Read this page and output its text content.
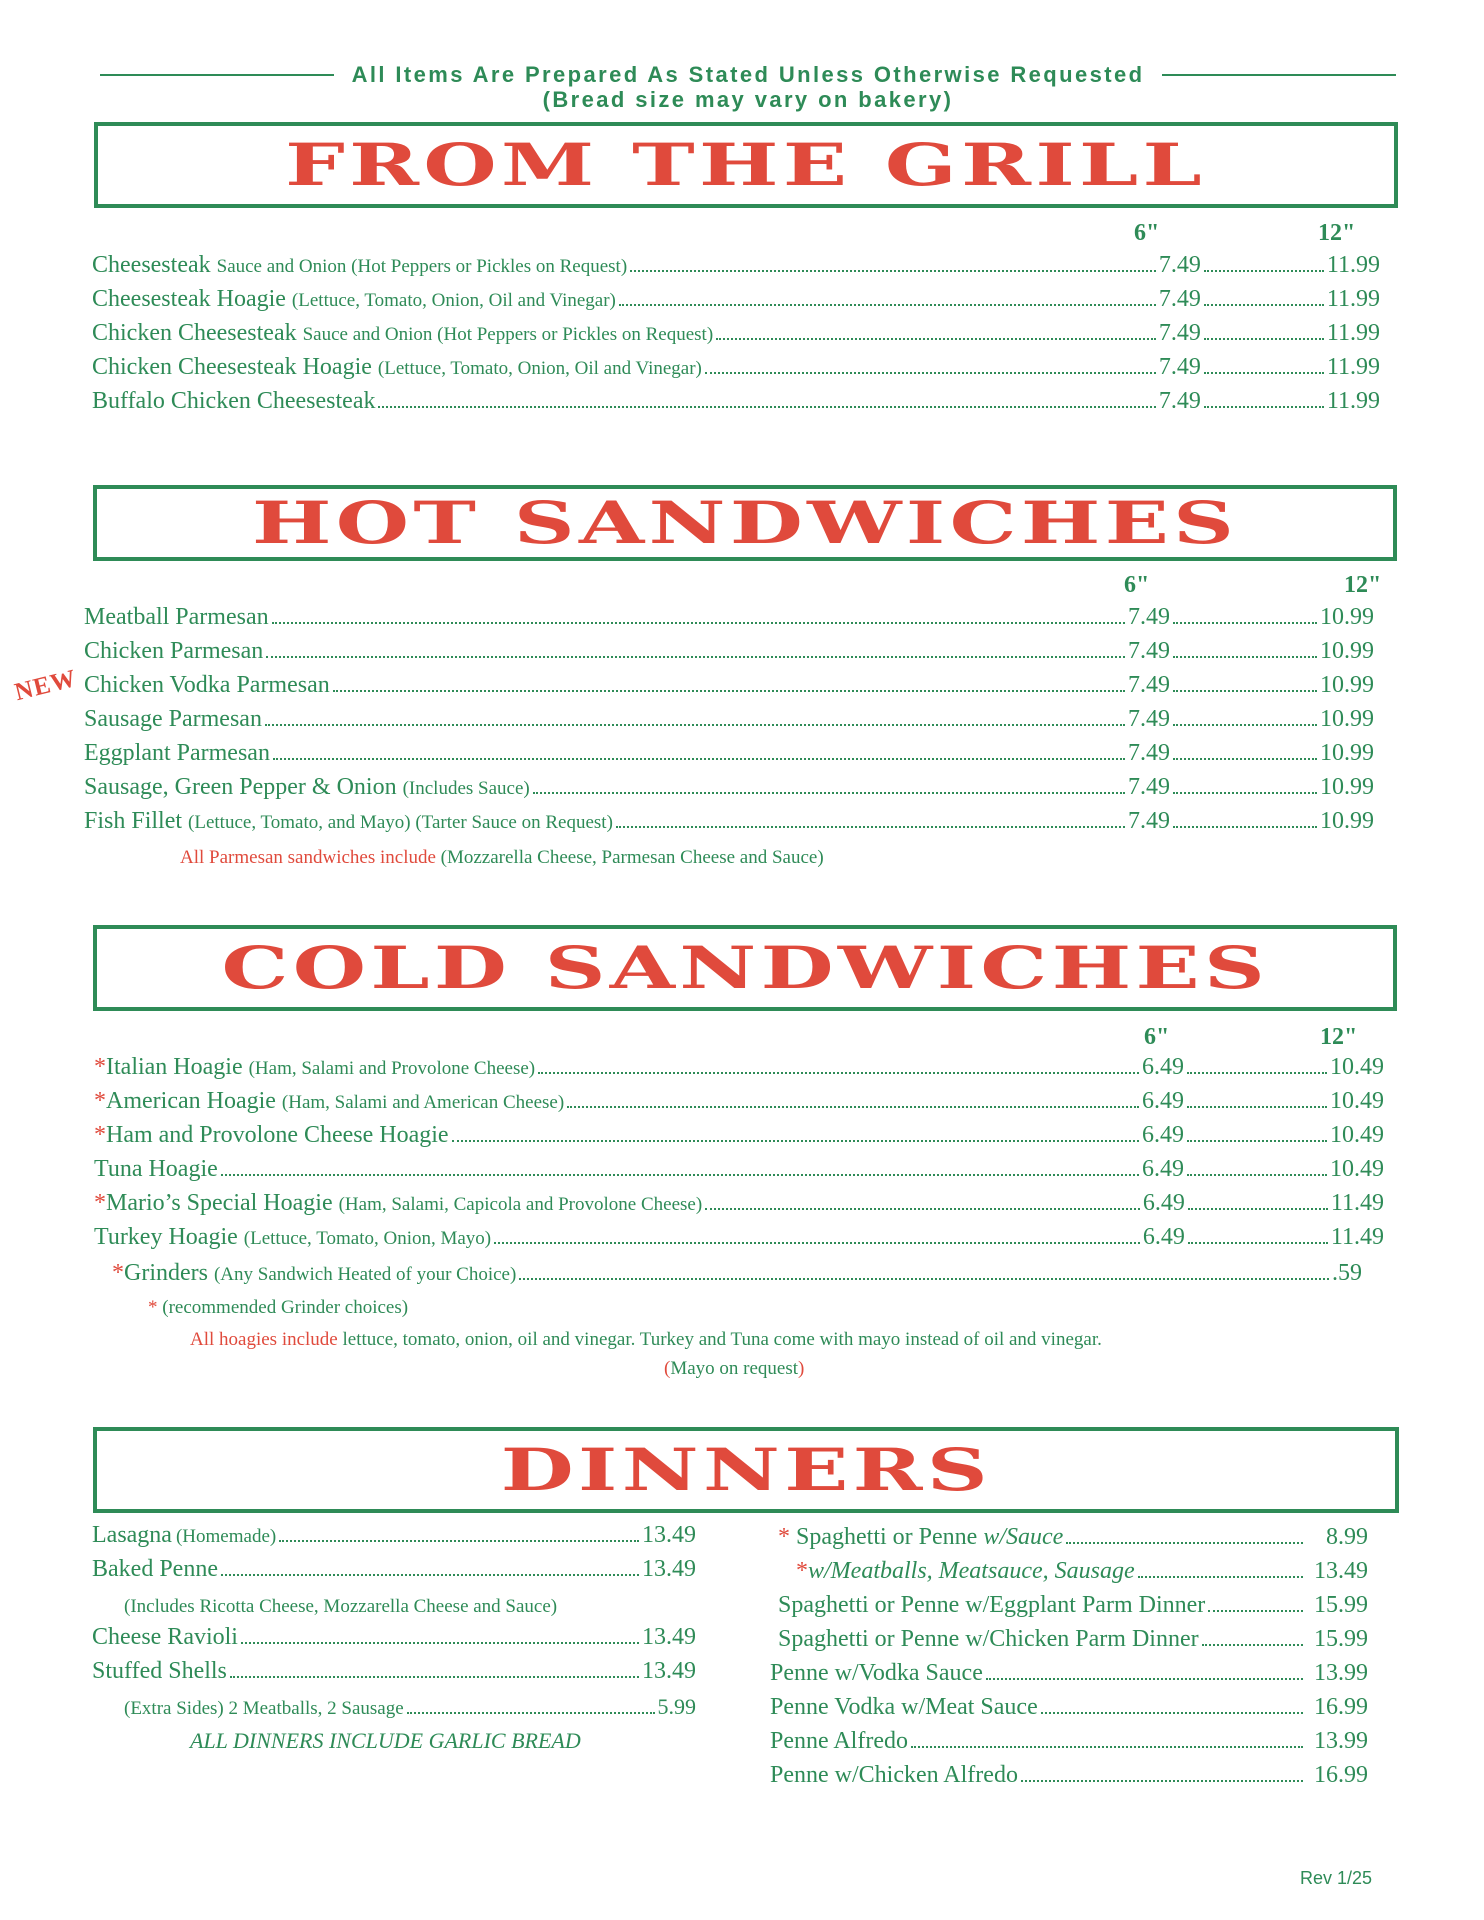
All Items Are Prepared As Stated Unless Otherwise Requested
(Bread size may vary on bakery)
FROM THE GRILL
6"	12"
Cheesesteak Sauce and Onion (Hot Peppers or Pickles on Request)	7.49	11.99
Cheesesteak Hoagie (Lettuce, Tomato, Onion, Oil and Vinegar)	7.49	11.99
Chicken Cheesesteak Sauce and Onion (Hot Peppers or Pickles on Request)	7.49	11.99
Chicken Cheesesteak Hoagie (Lettuce, Tomato, Onion, Oil and Vinegar)	7.49	11.99
Buffalo Chicken Cheesesteak	7.49	11.99
HOT SANDWICHES
6"	12"
NEW
Meatball Parmesan	7.49	10.99
Chicken Parmesan	7.49	10.99
Chicken Vodka Parmesan	7.49	10.99
Sausage Parmesan	7.49	10.99
Eggplant Parmesan	7.49	10.99
Sausage, Green Pepper & Onion (Includes Sauce)	7.49	10.99
Fish Fillet (Lettuce, Tomato, and Mayo) (Tarter Sauce on Request)	7.49	10.99
All Parmesan sandwiches include (Mozzarella Cheese, Parmesan Cheese and Sauce)
COLD SANDWICHES
6"	12"
*Italian Hoagie (Ham, Salami and Provolone Cheese)	6.49	10.49
*American Hoagie (Ham, Salami and American Cheese)	6.49	10.49
*Ham and Provolone Cheese Hoagie	6.49	10.49
Tuna Hoagie	6.49	10.49
*Mario’s Special Hoagie (Ham, Salami, Capicola and Provolone Cheese)	6.49	11.49
Turkey Hoagie (Lettuce, Tomato, Onion, Mayo)	6.49	11.49
*Grinders (Any Sandwich Heated of your Choice)	.59
* (recommended Grinder choices)
All hoagies include lettuce, tomato, onion, oil and vinegar. Turkey and Tuna come with mayo instead of oil and vinegar.
(Mayo on request)
DINNERS
Lasagna (Homemade)	13.49
Baked Penne	13.49
(Includes Ricotta Cheese, Mozzarella Cheese and Sauce)
Cheese Ravioli	13.49
Stuffed Shells	13.49
(Extra Sides) 2 Meatballs, 2 Sausage	5.99
ALL DINNERS INCLUDE GARLIC BREAD
* Spaghetti or Penne w/Sauce	8.99
*w/Meatballs, Meatsauce, Sausage	13.49
Spaghetti or Penne w/Eggplant Parm Dinner	15.99
Spaghetti or Penne w/Chicken Parm Dinner	15.99
Penne w/Vodka Sauce	13.99
Penne Vodka w/Meat Sauce	16.99
Penne Alfredo	13.99
Penne w/Chicken Alfredo	16.99
Rev 1/25
